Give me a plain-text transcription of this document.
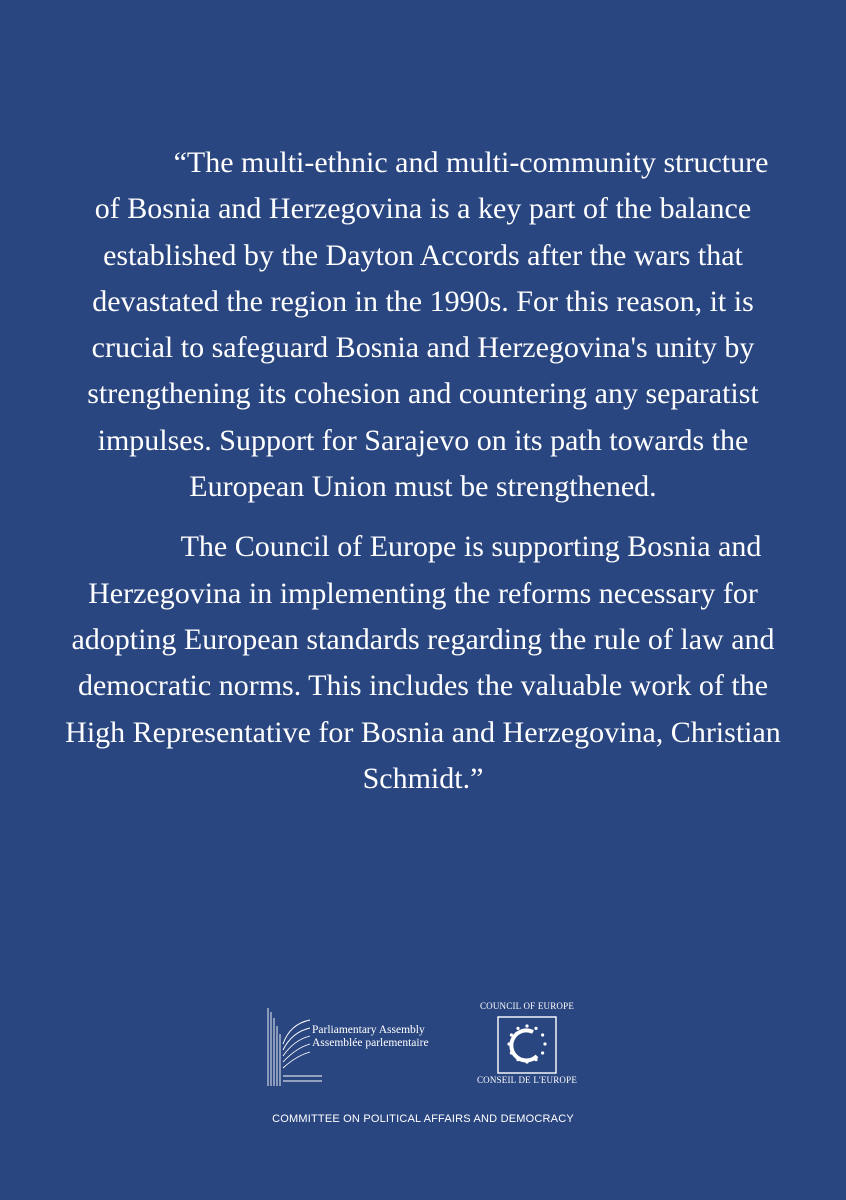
“The multi-ethnic and multi-community structure of Bosnia and Herzegovina is a key part of the balance established by the Dayton Accords after the wars that devastated the region in the 1990s. For this reason, it is crucial to safeguard Bosnia and Herzegovina's unity by strengthening its cohesion and countering any separatist impulses. Support for Sarajevo on its path towards the European Union must be strengthened.

The Council of Europe is supporting Bosnia and Herzegovina in implementing the reforms necessary for adopting European standards regarding the rule of law and democratic norms. This includes the valuable work of the High Representative for Bosnia and Herzegovina, Christian Schmidt.”

Parliamentary Assembly
Assemblée parlementaire
COUNCIL OF EUROPE
CONSEIL DE L'EUROPE
COMMITTEE ON POLITICAL AFFAIRS AND DEMOCRACY
